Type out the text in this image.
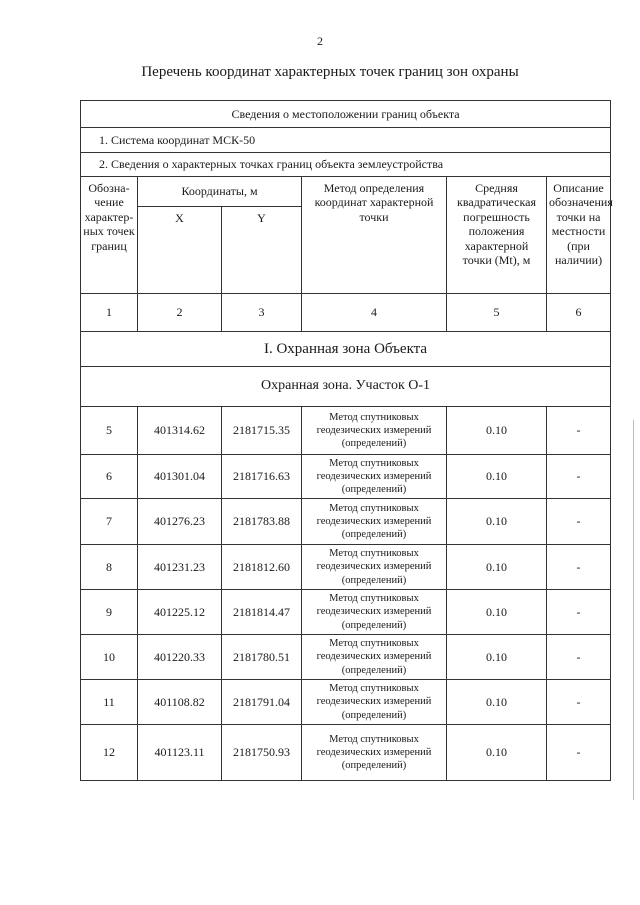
2
Перечень координат характерных точек границ зон охраны
Сведения о местоположении границ объекта					
1. Система координат МСК-50					
2. Сведения о характерных точках границ объекта землеустройства					
Обозна-чение характер-ных точек границ	Координаты, м		Метод определения координат характерной точки	Средняя квадратическая погрешность положения характерной точки (Mt), м	Описание обозначения точки на местности (при наличии)
	X	Y			
1	2	3	4	5	6
I. Охранная зона Объекта					
Охранная зона. Участок О-1					
5	401314.62	2181715.35	Метод спутниковых геодезических измерений (определений)	0.10	-
6	401301.04	2181716.63	Метод спутниковых геодезических измерений (определений)	0.10	-
7	401276.23	2181783.88	Метод спутниковых геодезических измерений (определений)	0.10	-
8	401231.23	2181812.60	Метод спутниковых геодезических измерений (определений)	0.10	-
9	401225.12	2181814.47	Метод спутниковых геодезических измерений (определений)	0.10	-
10	401220.33	2181780.51	Метод спутниковых геодезических измерений (определений)	0.10	-
11	401108.82	2181791.04	Метод спутниковых геодезических измерений (определений)	0.10	-
12	401123.11	2181750.93	Метод спутниковых геодезических измерений (определений)	0.10	-
